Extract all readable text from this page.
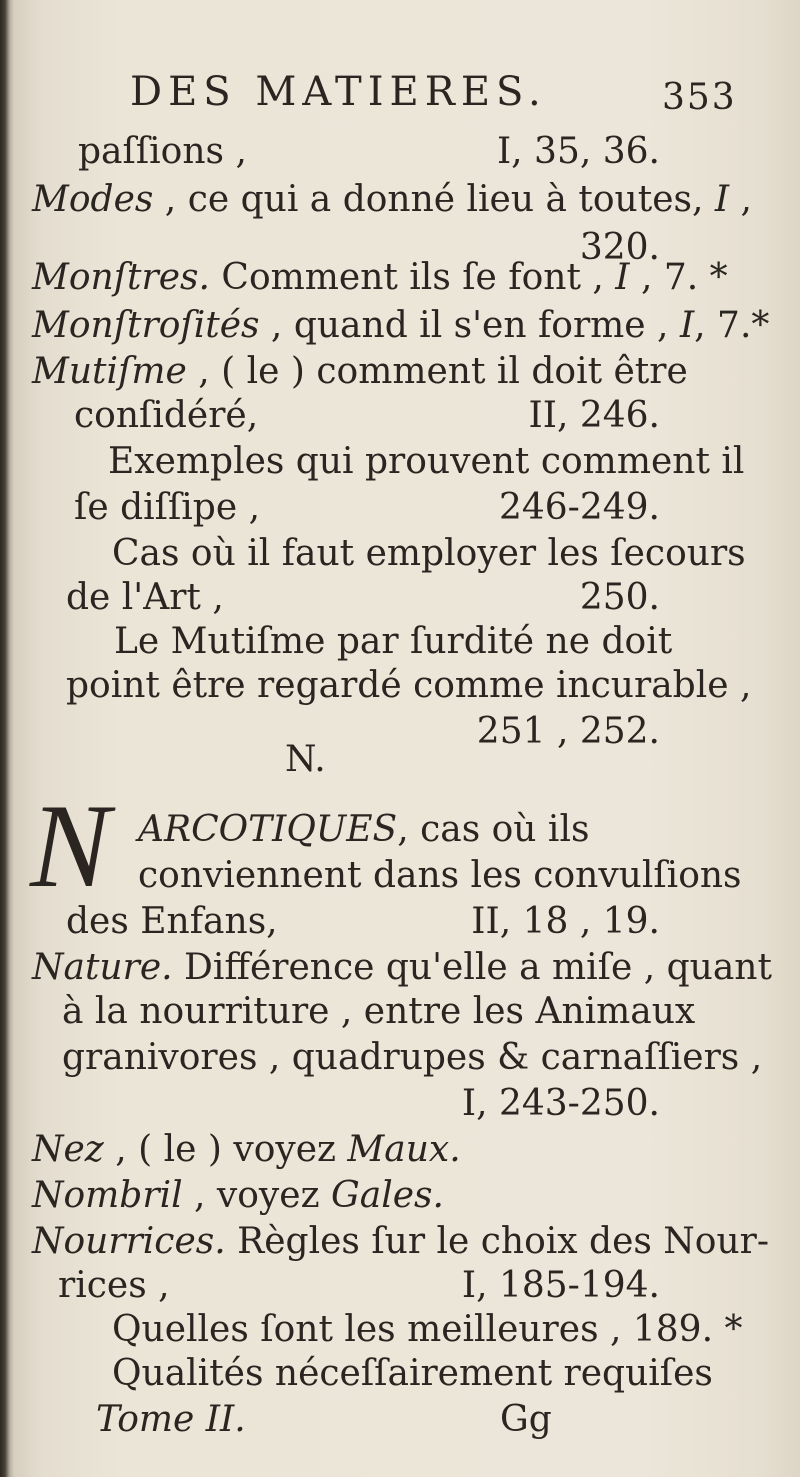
DES MATIERES.	353
paſſions ,
Modes , ce qui a donné lieu à toutes, I ,
Monſtres. Comment ils ſe font , I , 7. *
Monſtroſités , quand il s'en forme , I, 7.*
Mutiſme , ( le ) comment il doit être
conſidéré,
Exemples qui prouvent comment il
ſe diſſipe ,
Cas où il faut employer les ſecours
de l'Art ,
Le Mutiſme par ſurdité ne doit
point être regardé comme incurable ,
N.
N ARCOTIQUES, cas où ils
conviennent dans les convulſions
des Enfans,
Nature. Différence qu'elle a miſe , quant
à la nourriture , entre les Animaux
granivores , quadrupes & carnaſſiers ,
Nez , ( le ) voyez Maux.
Nombril , voyez Gales.
Nourrices. Règles ſur le choix des Nour-
rices ,
Quelles ſont les meilleures , 189. *
Qualités néceſſairement requiſes
I, 35, 36.
320.
II, 246.
246-249.
250.
251 , 252.
II, 18 , 19.
I, 243-250.
I, 185-194.
Tome II.	Gg
